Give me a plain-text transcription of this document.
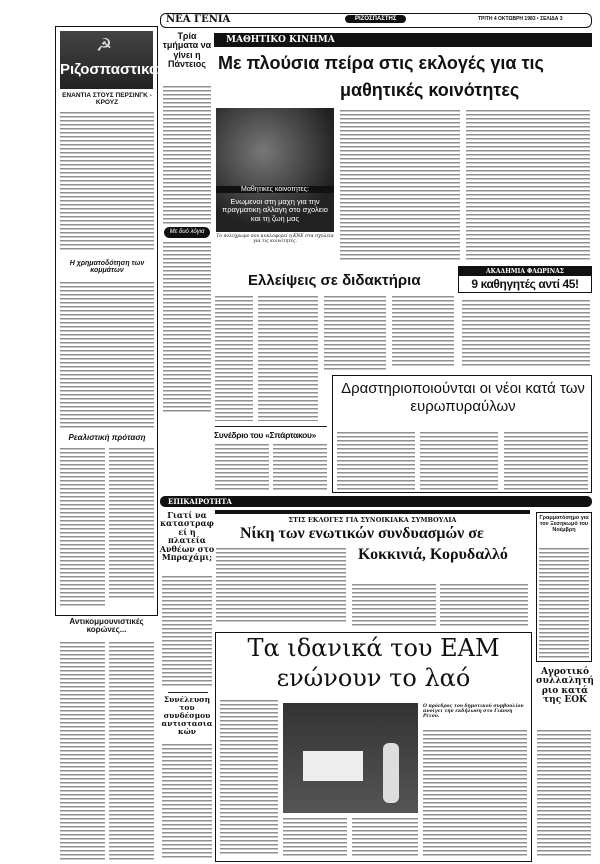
ΝΕΑ ΓΕΝΙΑ	ΡΙΖΟΣΠΑΣΤΗΣ	ΤΡΙΤΗ 4 ΟΚΤΩΒΡΗ 1983 • ΣΕΛΙΔΑ 3
☭
Ριζοσπαστικα
ΕΝΑΝΤΙΑ ΣΤΟΥΣ ΠΕΡΣΙΝΓΚ - ΚΡΟΥΖ
Η χρηματοδότηση των κομμάτων
Ρεαλιστική πρόταση
Αντικομμουνιστικές κορώνες...
Τρία τμήματα να γίνει η Πάντειος
Με δυό λόγια
ΜΑΘΗΤΙΚΟ ΚΙΝΗΜΑ
Με πλούσια πείρα στις εκλογές για τις
μαθητικές κοινότητες
Μαθητικες κοινοτητες:
Ενωμενοι στη μαχη για την πραγματικη αλλαγη στο σχολειο και τη ζωη μας
Το πολύχρωμο που κυκλοφορεί η ΚΝΕ στα σχολεία για τις κοινότητες.
ΑΚΑΔΗΜΙΑ ΦΛΩΡΙΝΑΣ
9 καθηγητές αντί 45!
Ελλείψεις σε διδακτήρια
Συνέδριο του «Σπάρτακου»
Δραστηριοποιούνται οι νέοι κατά των ευρωπυραύλων
ΕΠΙΚΑΙΡΟΤΗΤΑ
Γιατί να καταστραφεί η πλατεία Ανθέων στο Μπραχάμι;
Συνέλευση του συνδέσμου αντιστασιακών
ΣΤΙΣ ΕΚΛΟΓΕΣ ΓΙΑ ΣΥΝΟΙΚΙΑΚΑ ΣΥΜΒΟΥΛΙΑ
Νίκη των ενωτικών συνδυασμών σε
Κοκκινιά, Κορυδαλλό
Τα ιδανικά του ΕΑΜ
ενώνουν το λαό
Ο πρόεδρος του δημοτικού συμβουλίου ανοίγει την εκδήλωση στο Γιάννη Ρίτσο.
Γραμματόσημο για τον Ξεσηκωμό του Νοέμβρη
Αγροτικό συλλαλητήριο κατά της ΕΟΚ
